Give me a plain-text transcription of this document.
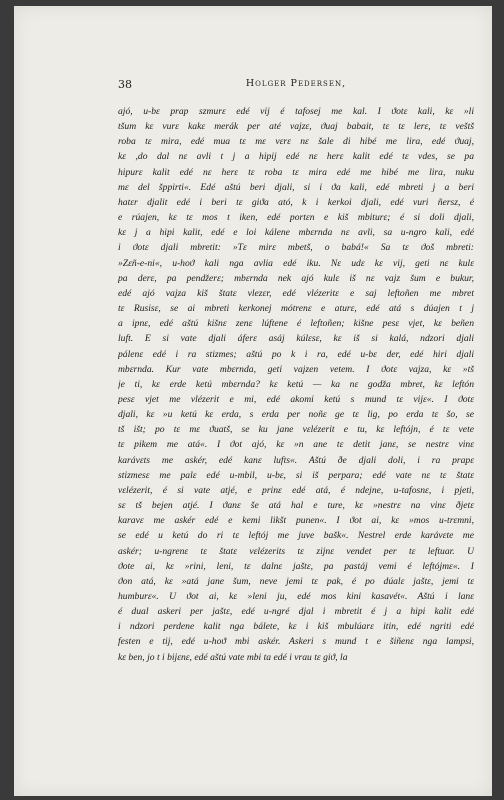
38	Holger Pedersen,
ajó, u-bε prap szmurε edé vij é tafosej me kal. I ϑotε kali, kε »li
tšum kε vurε kakε merák per até vajzε, ϑuaj babait, tε tε lerε, tε veštš
roba tε mira, edé mua tε mε vεrε nε šale di hibé me lira, edé ϑuaj,
kε ,do dal nε avli t j a hipij edé nε herε kalit edé tε vdes, se pa
hipurε kalit edé nε herε tε roba tε mira edé me hibé me lira, nuku
mε del šppirti«. Edé aštú beri djali, si i ϑa kali, edé mbreti j a beri
hatεr djalit edé i beri tε giϑa ató, k i kerkoi djali, edé vuri ñersz, é
e rúajen, kε tε mos t iken, edé portεn e kiš mbiturε; é si doli djali,
kε j a hipi kalit, edé e loi kálene mbεrnda nε avli, sa u-ngro kali, edé
i ϑotε djali mbretit: »Tε mirε mbetš, o babá!« Sa tε ϑoš mbreti:
»Zεñ-e-ni«, u-hoϑ kali nga avlia edé iku. Nε udε kε vij, geti nε kulε
pa derε, pa pendžerε; mbεrnda nek ajó kulε iš nε vajz šum e bukur,
edé ajó vajza kiš štatε vlezεr, edé vlézeritε e saj leftoñen me mbret
tε Rusisε, se ai mbreti kerkonej mótrenε e aturε, edé atá s dúajen t j
a ipnε, edé aštú kišnε zenε lúftene é leftoñen; kišne pesε vjet, kε beñen
luft. E si vate djali áferε asáj kúlεsε, kε iš si kalá, ndzori djali
pálenε edé i ra stizmes; aštú po k i ra, edé u-bε der, edé hiri djali
mbεrnda. Kur vate mbεrnda, geti vajzen vetem. I ϑotε vajza, kε »tš
je ti, kε erde ketú mbεrnda? kε ketú — ka nε godža mbret, kε leftón
pesε vjet me vlézerit e mi, edé akomi ketú s mund tε vijε«. I ϑotε
djali, kε »u ketú kε erda, s erda per noñε ge tε lig, po erda tε šo, se
tš išt; po tε mε ϑuatš, se ku jane vεlézerit e tu, kε leftójn, é tε vete
tε pikem me atá«. I ϑot ajó, kε »n ane tε detit janε, se nestrε vinε
karávεts me askér, edé kanε lufts«. Aštú ðe djali doli, i ra prapε
stizmesε me palε edé u-mbil, u-bε, si iš perpara; edé vate nε tε štatε
vεlézerit, é si vate atjé, e prinε edé atá, é ndejne, u-tafosnε, i pjeti,
sε tš bejen atjé. I ϑanε še atá hal e ture, kε »nestrε na vinε ðjetε
karavε me askér edé e kemi likšt punen«. I ϑot ai, kε »mos u-trεmni,
se edé u ketú do ri tε leftój me juve bašk«. Nestrel erde karávεte me
askér; u-ngrenε tε štatε vεlézerits tε zijnε vendet per tε leftuar. U
ϑote ai, kε »rini, leni, tε dalnε jaštε, pa pastáj vemi é leftójmε«. I
ϑon atá, kε »atá jane šum, neve jemi tε pak, é po dúalε jaštε, jemi tε
humburε«. U ϑot ai, kε »leni ju, edé mos kini kasavét«. Aštú i lanε
é dual askeri per jaštε, edé u-ngré djal i mbretit é j a hipi kalit edé
i ndzori perdene kalit nga bálete, kε i kiš mbulúarε itin, edé ngriti edé
festen e tij, edé u-hoϑ mbi askér. Askeri s mund t e šiñenε nga lampsi,
kε ben, jo t i bijεnε, edé aštú vate mbi ta edé i vrau tε giϑ, la
